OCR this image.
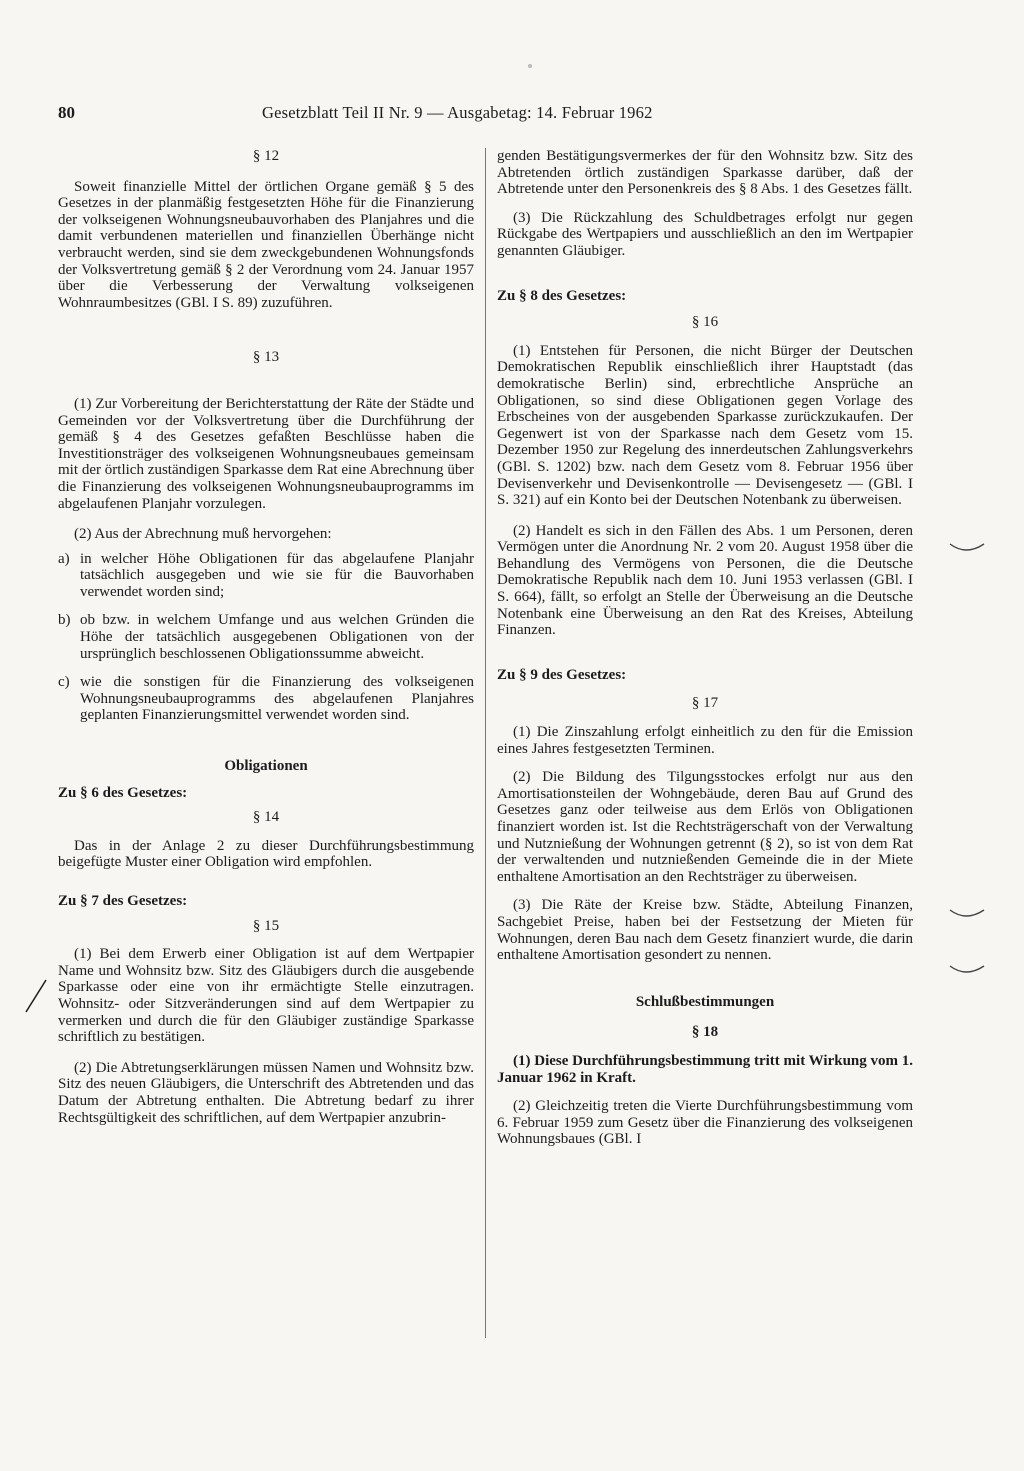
80	Gesetzblatt Teil II Nr. 9 — Ausgabetag: 14. Februar 1962

§ 12

Soweit finanzielle Mittel der örtlichen Organe gemäß § 5 des Gesetzes in der planmäßig festgesetzten Höhe für die Finanzierung der volkseigenen Wohnungsneubauvorhaben des Planjahres und die damit verbundenen materiellen und finanziellen Überhänge nicht verbraucht werden, sind sie dem zweckgebundenen Wohnungsfonds der Volksvertretung gemäß § 2 der Verordnung vom 24. Januar 1957 über die Verbesserung der Verwaltung volkseigenen Wohnraumbesitzes (GBl. I S. 89) zuzuführen.

§ 13

(1) Zur Vorbereitung der Berichterstattung der Räte der Städte und Gemeinden vor der Volksvertretung über die Durchführung der gemäß § 4 des Gesetzes gefaßten Beschlüsse haben die Investitionsträger des volkseigenen Wohnungsneubaues gemeinsam mit der örtlich zuständigen Sparkasse dem Rat eine Abrechnung über die Finanzierung des volkseigenen Wohnungsneubauprogramms im abgelaufenen Planjahr vorzulegen.

(2) Aus der Abrechnung muß hervorgehen:

a) in welcher Höhe Obligationen für das abgelaufene Planjahr tatsächlich ausgegeben und wie sie für die Bauvorhaben verwendet worden sind;
b) ob bzw. in welchem Umfange und aus welchen Gründen die Höhe der tatsächlich ausgegebenen Obligationen von der ursprünglich beschlossenen Obligationssumme abweicht.
c) wie die sonstigen für die Finanzierung des volkseigenen Wohnungsneubauprogramms des abgelaufenen Planjahres geplanten Finanzierungsmittel verwendet worden sind.

Obligationen

Zu § 6 des Gesetzes:

§ 14

Das in der Anlage 2 zu dieser Durchführungsbestimmung beigefügte Muster einer Obligation wird empfohlen.

Zu § 7 des Gesetzes:

§ 15

(1) Bei dem Erwerb einer Obligation ist auf dem Wertpapier Name und Wohnsitz bzw. Sitz des Gläubigers durch die ausgebende Sparkasse oder eine von ihr ermächtigte Stelle einzutragen. Wohnsitz- oder Sitzveränderungen sind auf dem Wertpapier zu vermerken und durch die für den Gläubiger zuständige Sparkasse schriftlich zu bestätigen.

(2) Die Abtretungserklärungen müssen Namen und Wohnsitz bzw. Sitz des neuen Gläubigers, die Unterschrift des Abtretenden und das Datum der Abtretung enthalten. Die Abtretung bedarf zu ihrer Rechtsgültigkeit des schriftlichen, auf dem Wertpapier anzubrin-

genden Bestätigungsvermerkes der für den Wohnsitz bzw. Sitz des Abtretenden örtlich zuständigen Sparkasse darüber, daß der Abtretende unter den Personenkreis des § 8 Abs. 1 des Gesetzes fällt.

(3) Die Rückzahlung des Schuldbetrages erfolgt nur gegen Rückgabe des Wertpapiers und ausschließlich an den im Wertpapier genannten Gläubiger.

Zu § 8 des Gesetzes:

§ 16

(1) Entstehen für Personen, die nicht Bürger der Deutschen Demokratischen Republik einschließlich ihrer Hauptstadt (das demokratische Berlin) sind, erbrechtliche Ansprüche an Obligationen, so sind diese Obligationen gegen Vorlage des Erbscheines von der ausgebenden Sparkasse zurückzukaufen. Der Gegenwert ist von der Sparkasse nach dem Gesetz vom 15. Dezember 1950 zur Regelung des innerdeutschen Zahlungsverkehrs (GBl. S. 1202) bzw. nach dem Gesetz vom 8. Februar 1956 über Devisenverkehr und Devisenkontrolle — Devisengesetz — (GBl. I S. 321) auf ein Konto bei der Deutschen Notenbank zu überweisen.

(2) Handelt es sich in den Fällen des Abs. 1 um Personen, deren Vermögen unter die Anordnung Nr. 2 vom 20. August 1958 über die Behandlung des Vermögens von Personen, die die Deutsche Demokratische Republik nach dem 10. Juni 1953 verlassen (GBl. I S. 664), fällt, so erfolgt an Stelle der Überweisung an die Deutsche Notenbank eine Überweisung an den Rat des Kreises, Abteilung Finanzen.

Zu § 9 des Gesetzes:

§ 17

(1) Die Zinszahlung erfolgt einheitlich zu den für die Emission eines Jahres festgesetzten Terminen.

(2) Die Bildung des Tilgungsstockes erfolgt nur aus den Amortisationsteilen der Wohngebäude, deren Bau auf Grund des Gesetzes ganz oder teilweise aus dem Erlös von Obligationen finanziert worden ist. Ist die Rechtsträgerschaft von der Verwaltung und Nutznießung der Wohnungen getrennt (§ 2), so ist von dem Rat der verwaltenden und nutznießenden Gemeinde die in der Miete enthaltene Amortisation an den Rechtsträger zu überweisen.

(3) Die Räte der Kreise bzw. Städte, Abteilung Finanzen, Sachgebiet Preise, haben bei der Festsetzung der Mieten für Wohnungen, deren Bau nach dem Gesetz finanziert wurde, die darin enthaltene Amortisation gesondert zu nennen.

Schlußbestimmungen

§ 18

(1) Diese Durchführungsbestimmung tritt mit Wirkung vom 1. Januar 1962 in Kraft.

(2) Gleichzeitig treten die Vierte Durchführungsbestimmung vom 6. Februar 1959 zum Gesetz über die Finanzierung des volkseigenen Wohnungsbaues (GBl. I
